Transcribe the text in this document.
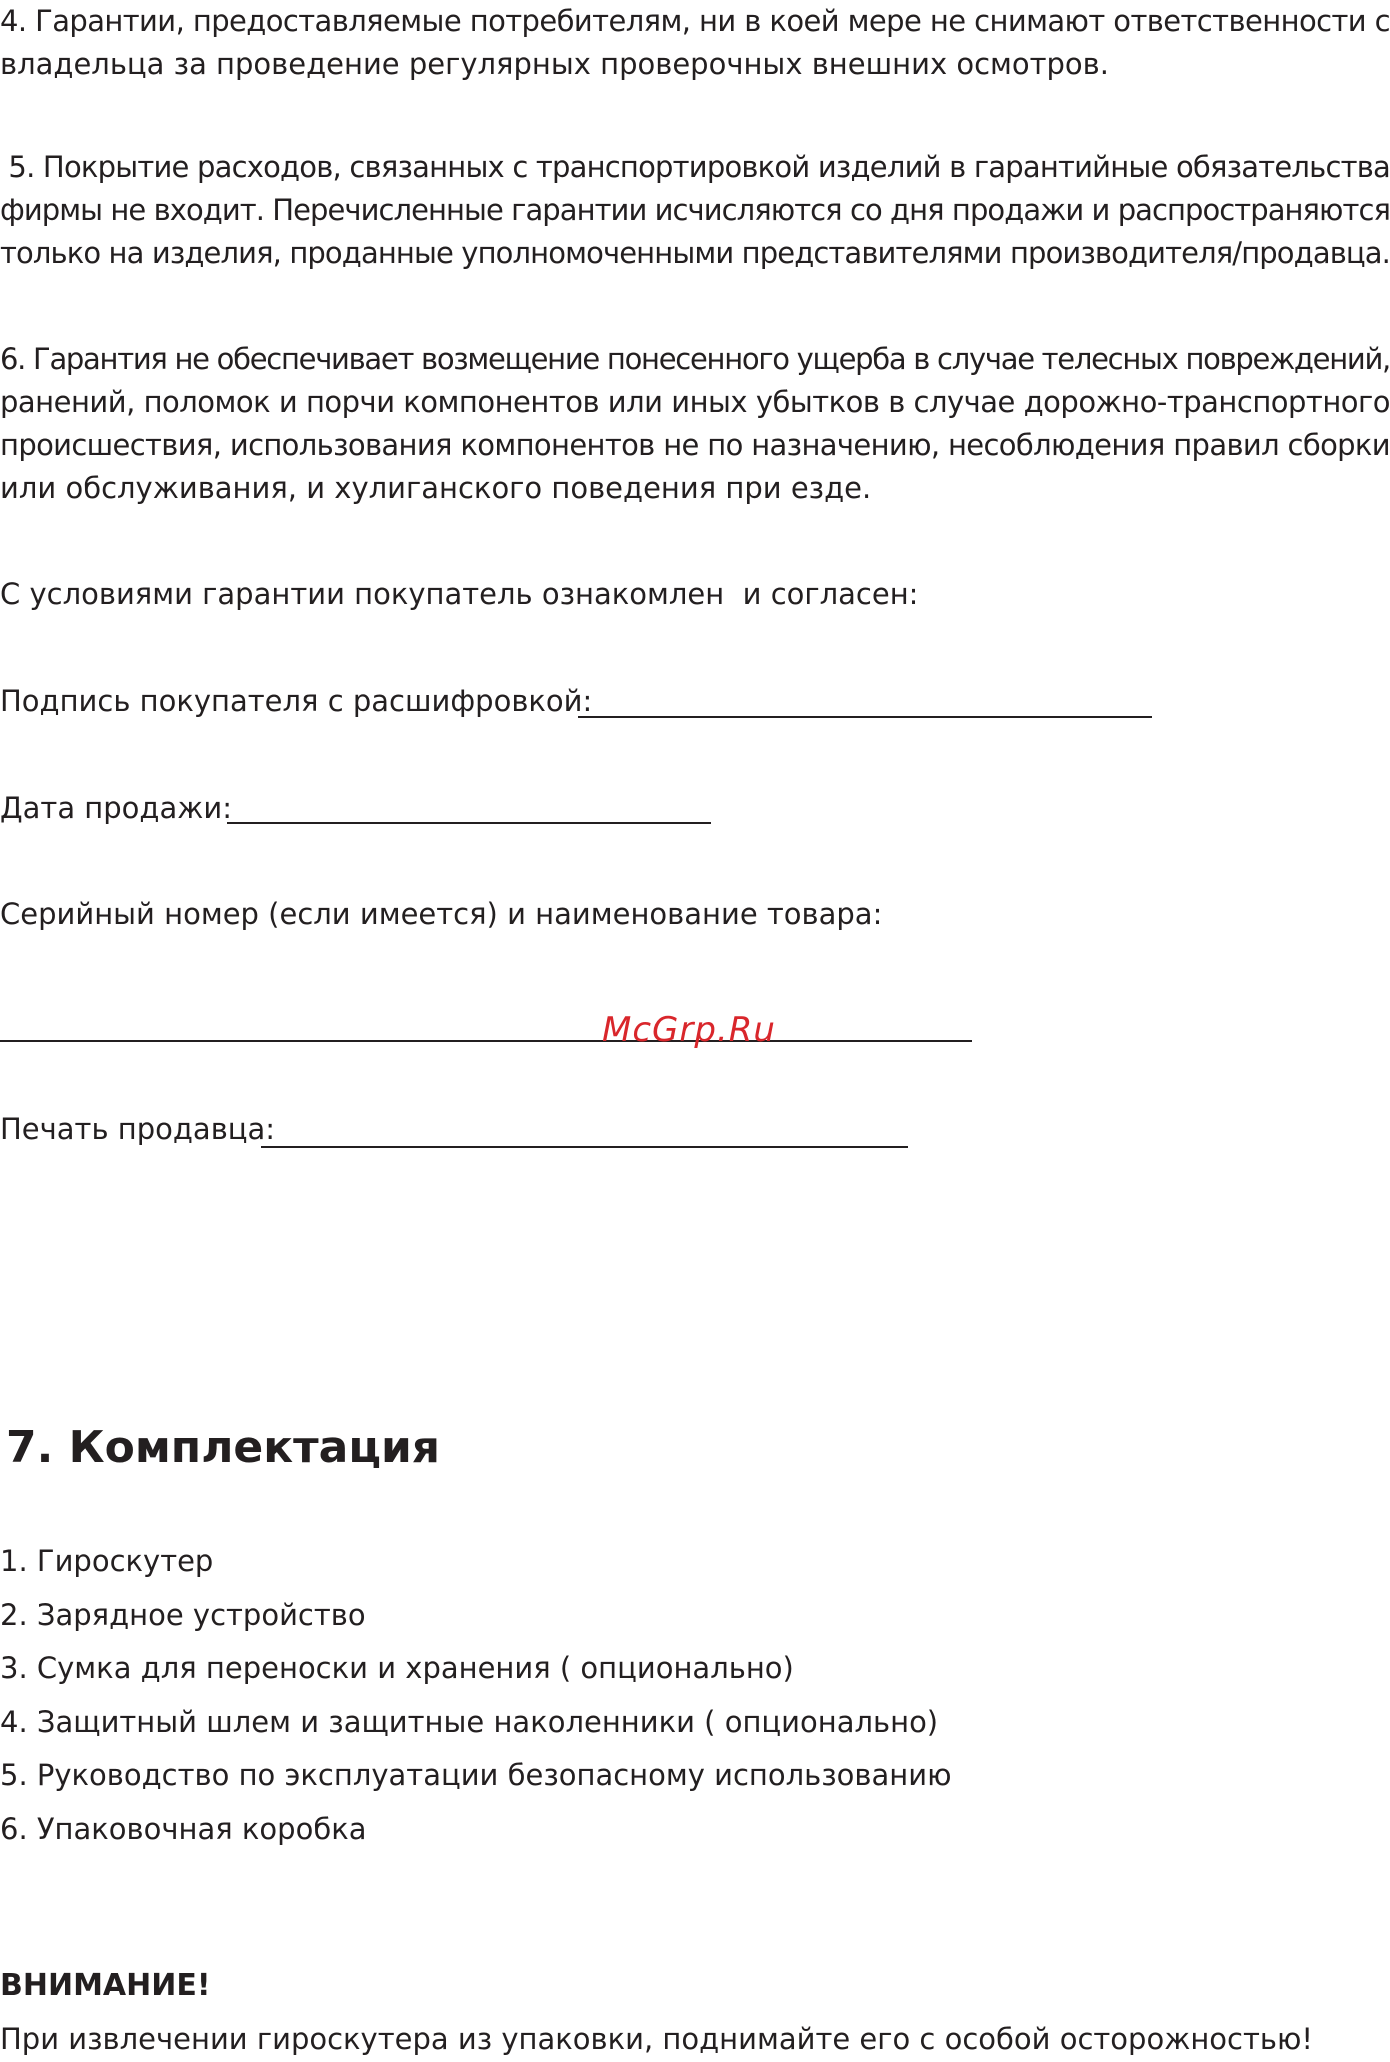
4. Гарантии, предоставляемые потребителям, ни в коей мере не снимают ответственности с
владельца за проведение регулярных проверочных внешних осмотров.

5. Покрытие расходов, связанных с транспортировкой изделий в гарантийные обязательства
фирмы не входит. Перечисленные гарантии исчисляются со дня продажи и распространяются
только на изделия, проданные уполномоченными представителями производителя/продавца.

6. Гарантия не обеспечивает возмещение понесенного ущерба в случае телесных повреждений,
ранений, поломок и порчи компонентов или иных убытков в случае дорожно-транспортного
происшествия, использования компонентов не по назначению, несоблюдения правил сборки
или обслуживания, и хулиганского поведения при езде.

С условиями гарантии покупатель ознакомлен  и согласен:

Подпись покупателя с расшифровкой:

Дата продажи:

Серийный номер (если имеется) и наименование товара:

McGrp.Ru

Печать продавца:

7. Комплектация
1. Гироскутер
2. Зарядное устройство
3. Сумка для переноски и хранения ( опционально)
4. Защитный шлем и защитные наколенники ( опционально)
5. Руководство по эксплуатации безопасному использованию
6. Упаковочная коробка

ВНИМАНИЕ!

При извлечении гироскутера из упаковки, поднимайте его с особой осторожностью!
